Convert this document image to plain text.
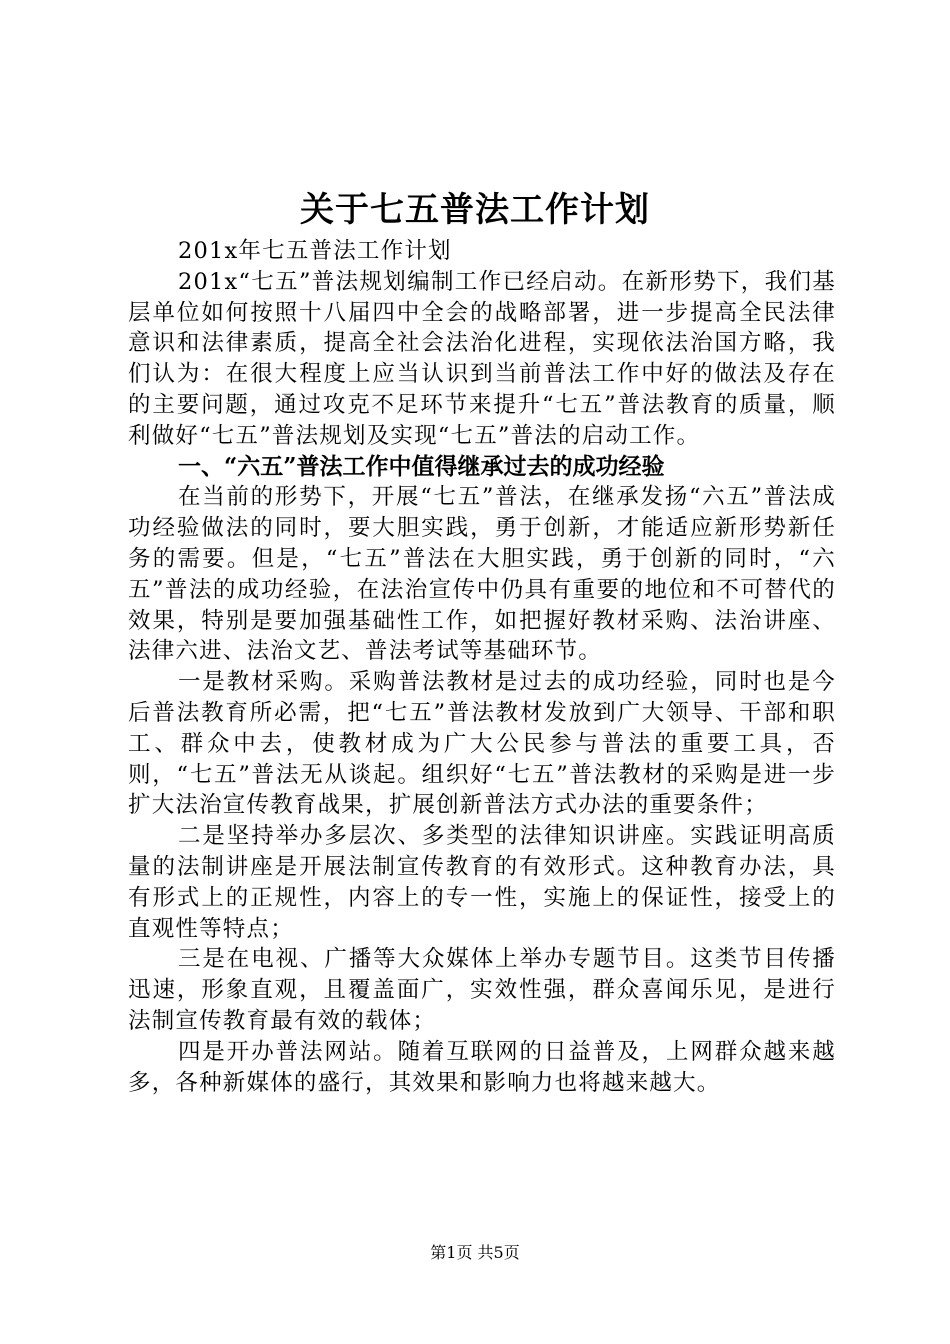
关于七五普法工作计划

201x年七五普法工作计划

201x“七五”普法规划编制工作已经启动。在新形势下，我们基层单位如何按照十八届四中全会的战略部署，进一步提高全民法律意识和法律素质，提高全社会法治化进程，实现依法治国方略，我们认为：在很大程度上应当认识到当前普法工作中好的做法及存在的主要问题，通过攻克不足环节来提升“七五”普法教育的质量，顺利做好“七五”普法规划及实现“七五”普法的启动工作。

一、“六五”普法工作中值得继承过去的成功经验

在当前的形势下，开展“七五”普法，在继承发扬“六五”普法成功经验做法的同时，要大胆实践，勇于创新，才能适应新形势新任务的需要。但是，“七五”普法在大胆实践，勇于创新的同时，“六五”普法的成功经验，在法治宣传中仍具有重要的地位和不可替代的效果，特别是要加强基础性工作，如把握好教材采购、法治讲座、法律六进、法治文艺、普法考试等基础环节。

一是教材采购。采购普法教材是过去的成功经验，同时也是今后普法教育所必需，把“七五”普法教材发放到广大领导、干部和职工、群众中去，使教材成为广大公民参与普法的重要工具，否则，“七五”普法无从谈起。组织好“七五”普法教材的采购是进一步扩大法治宣传教育战果，扩展创新普法方式办法的重要条件；

二是坚持举办多层次、多类型的法律知识讲座。实践证明高质量的法制讲座是开展法制宣传教育的有效形式。这种教育办法，具有形式上的正规性，内容上的专一性，实施上的保证性，接受上的直观性等特点；

三是在电视、广播等大众媒体上举办专题节目。这类节目传播迅速，形象直观，且覆盖面广，实效性强，群众喜闻乐见，是进行法制宣传教育最有效的载体；

四是开办普法网站。随着互联网的日益普及，上网群众越来越多，各种新媒体的盛行，其效果和影响力也将越来越大。

第1页 共5页
